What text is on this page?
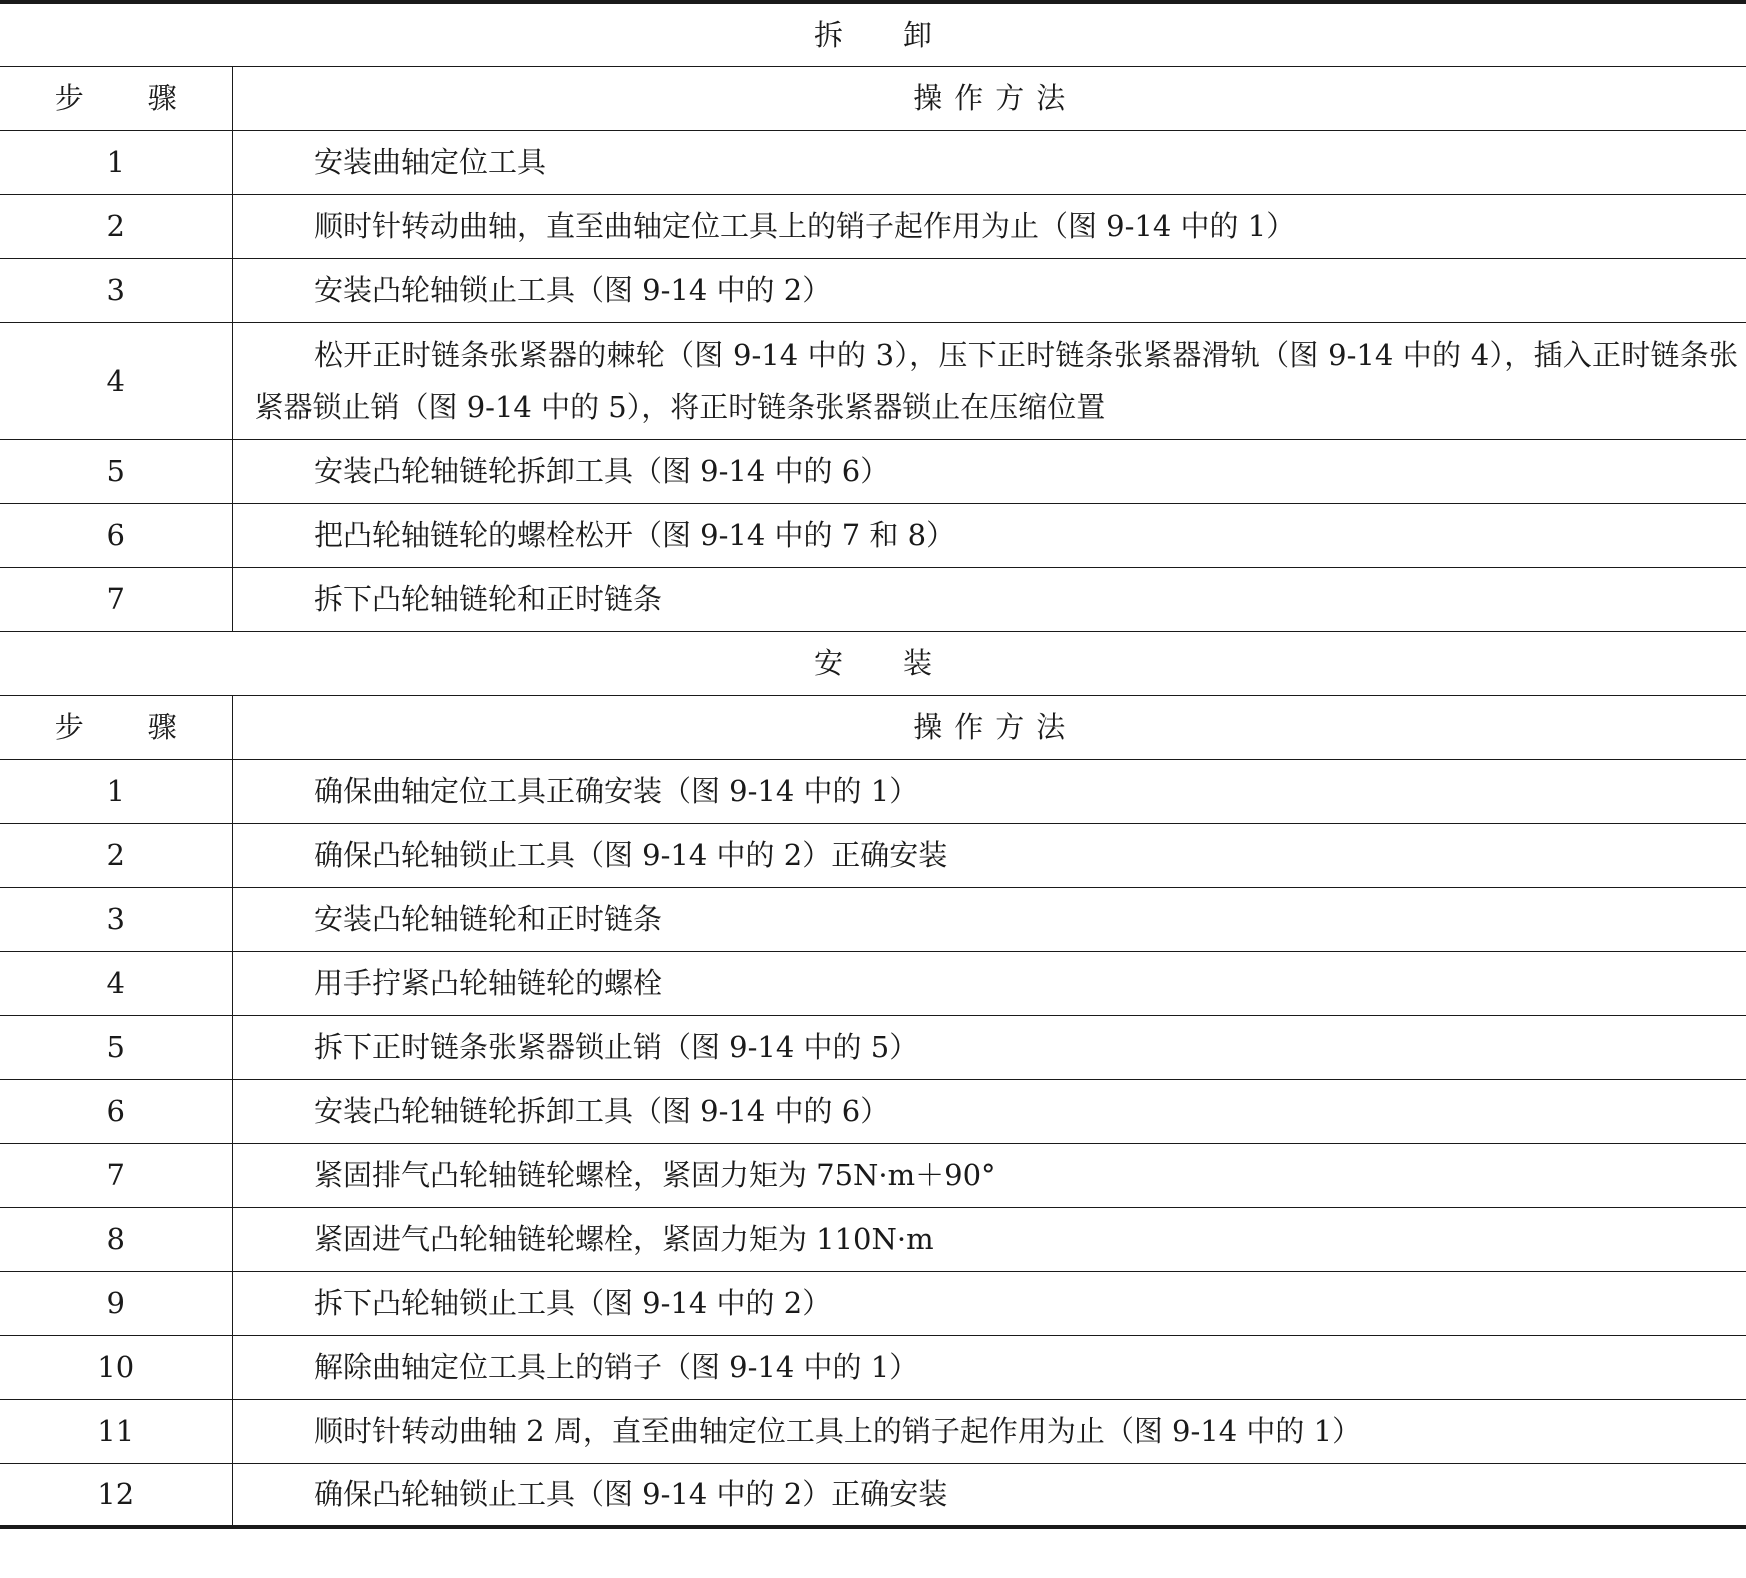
拆卸	
步骤	操作方法
1	安装曲轴定位工具
2	顺时针转动曲轴，直至曲轴定位工具上的销子起作用为止（图 9-14 中的 1）
3	安装凸轮轴锁止工具（图 9-14 中的 2）
4	松开正时链条张紧器的棘轮（图 9-14 中的 3），压下正时链条张紧器滑轨（图 9-14 中的 4），插入正时链条张紧器锁止销（图 9-14 中的 5），将正时链条张紧器锁止在压缩位置
5	安装凸轮轴链轮拆卸工具（图 9-14 中的 6）
6	把凸轮轴链轮的螺栓松开（图 9-14 中的 7 和 8）
7	拆下凸轮轴链轮和正时链条
安装	
步骤	操作方法
1	确保曲轴定位工具正确安装（图 9-14 中的 1）
2	确保凸轮轴锁止工具（图 9-14 中的 2）正确安装
3	安装凸轮轴链轮和正时链条
4	用手拧紧凸轮轴链轮的螺栓
5	拆下正时链条张紧器锁止销（图 9-14 中的 5）
6	安装凸轮轴链轮拆卸工具（图 9-14 中的 6）
7	紧固排气凸轮轴链轮螺栓，紧固力矩为 75N·m＋90°
8	紧固进气凸轮轴链轮螺栓，紧固力矩为 110N·m
9	拆下凸轮轴锁止工具（图 9-14 中的 2）
10	解除曲轴定位工具上的销子（图 9-14 中的 1）
11	顺时针转动曲轴 2 周，直至曲轴定位工具上的销子起作用为止（图 9-14 中的 1）
12	确保凸轮轴锁止工具（图 9-14 中的 2）正确安装
